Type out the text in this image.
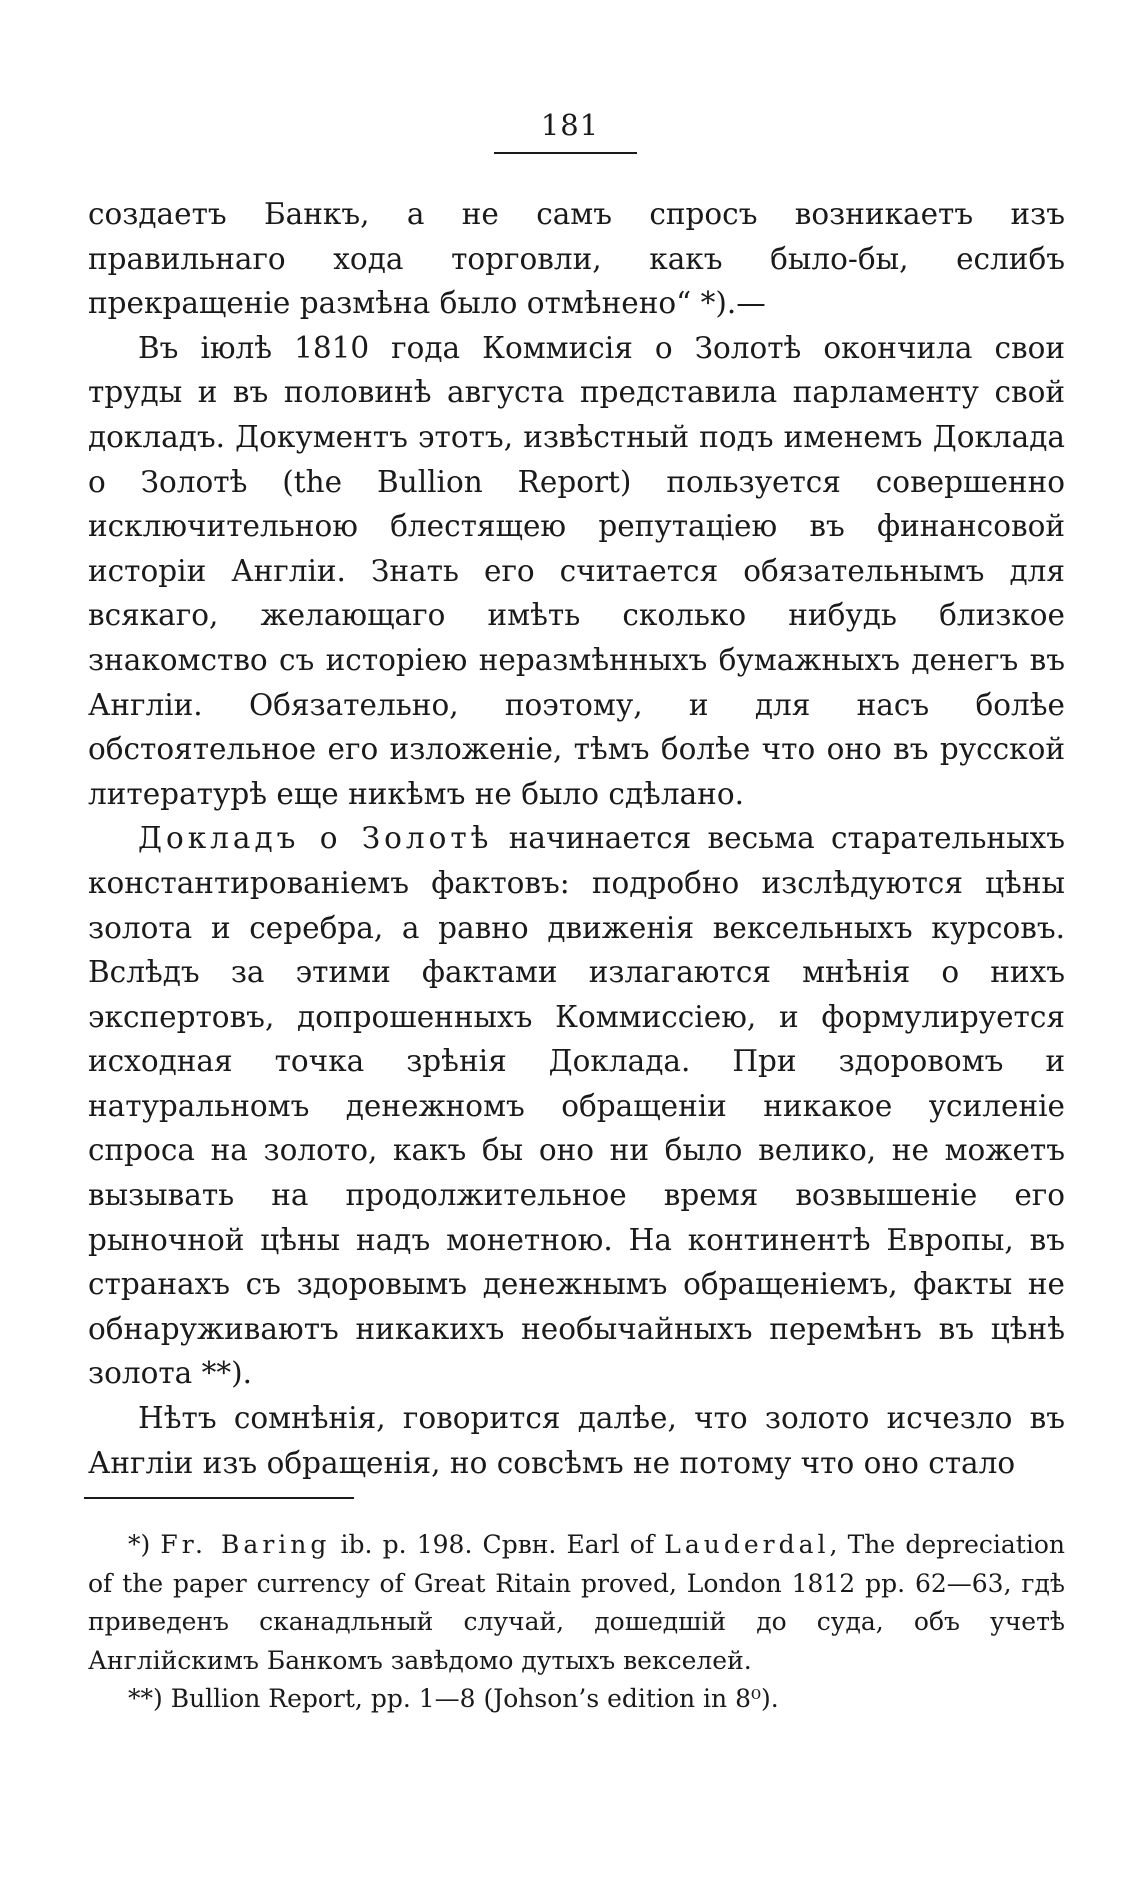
181

создаетъ Банкъ, а не самъ спросъ возникаетъ изъ правильнаго хода торговли, какъ было-бы, еслибъ прекращеніе размѣна было отмѣнено“ *).—

Въ іюлѣ 1810 года Коммисія о Золотѣ окончила свои труды и въ половинѣ августа представила парламенту свой докладъ. Документъ этотъ, извѣстный подъ именемъ Доклада о Золотѣ (the Bullion Report) пользуется совершенно исключительною блестящею репутаціею въ финансовой исторіи Англіи. Знать его считается обязательнымъ для всякаго, желающаго имѣть сколько нибудь близкое знакомство съ исторіею неразмѣнныхъ бумажныхъ денегъ въ Англіи. Обязательно, поэтому, и для насъ болѣе обстоятельное его изложеніе, тѣмъ болѣе что оно въ русской литературѣ еще никѣмъ не было сдѣлано.

Докладъ о Золотѣ начинается весьма старательныхъ константированіемъ фактовъ: подробно изслѣдуются цѣны золота и серебра, а равно движенія вексельныхъ курсовъ. Вслѣдъ за этими фактами излагаются мнѣнія о нихъ экспертовъ, допрошенныхъ Коммиссіею, и формулируется исходная точка зрѣнія Доклада. При здоровомъ и натуральномъ денежномъ обращеніи никакое усиленіе спроса на золото, какъ бы оно ни было велико, не можетъ вызывать на продолжительное время возвышеніе его рыночной цѣны надъ монетною. На континентѣ Европы, въ странахъ съ здоровымъ денежнымъ обращеніемъ, факты не обнаруживаютъ никакихъ необычайныхъ перемѣнъ въ цѣнѣ золота **).

Нѣтъ сомнѣнія, говорится далѣе, что золото исчезло въ Англіи изъ обращенія, но совсѣмъ не потому что оно стало

*) Fr. Baring ib. p. 198. Срвн. Earl of Lauderdal, The depreciation of the paper currency of Great Ritain proved, London 1812 pp. 62—63, гдѣ приведенъ сканадльный случай, дошедшій до суда, объ учетѣ Англійскимъ Банкомъ завѣдомо дутыхъ векселей.

**) Bullion Report, pp. 1—8 (Johson’s edition in 8⁰).
